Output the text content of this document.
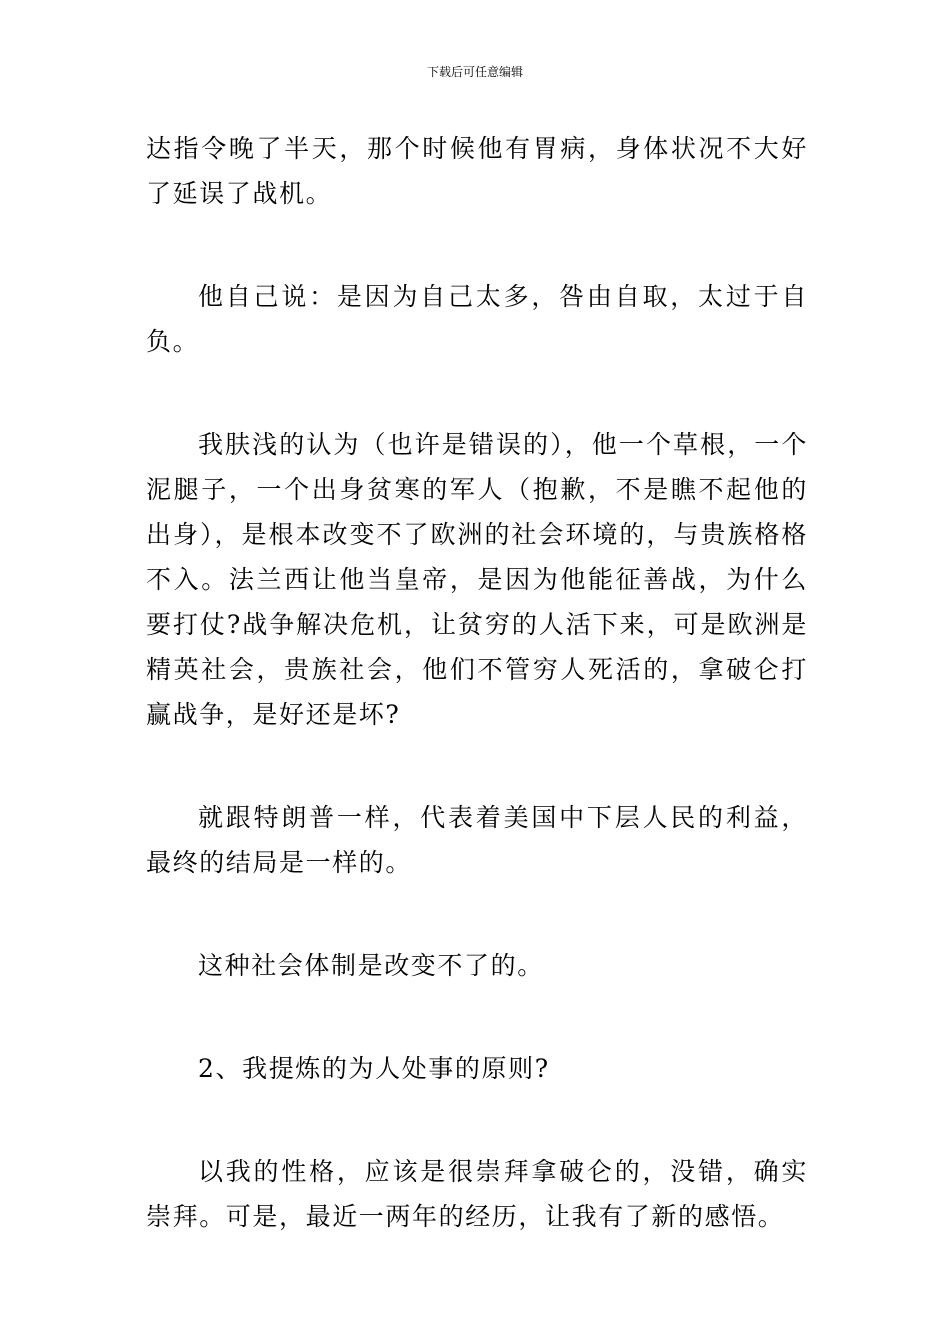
下载后可任意编辑

达指令晚了半天，那个时候他有胃病，身体状况不大好了延误了战机。

他自己说：是因为自己太多，咎由自取，太过于自负。

我肤浅的认为（也许是错误的），他一个草根，一个泥腿子，一个出身贫寒的军人（抱歉，不是瞧不起他的出身），是根本改变不了欧洲的社会环境的，与贵族格格不入。法兰西让他当皇帝，是因为他能征善战，为什么要打仗?战争解决危机，让贫穷的人活下来，可是欧洲是精英社会，贵族社会，他们不管穷人死活的，拿破仑打赢战争，是好还是坏?

就跟特朗普一样，代表着美国中下层人民的利益，最终的结局是一样的。

这种社会体制是改变不了的。

2、我提炼的为人处事的原则?

以我的性格，应该是很崇拜拿破仑的，没错，确实崇拜。可是，最近一两年的经历，让我有了新的感悟。
